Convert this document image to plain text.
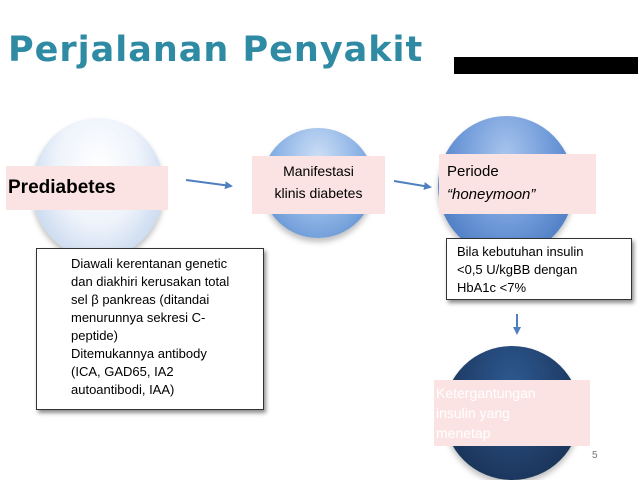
Perjalanan Penyakit
Prediabetes
Manifestasi
klinis diabetes
Periode
“honeymoon”
Ketergantungan
insulin yang
menetap
Diawali kerentanan genetic
dan diakhiri kerusakan total
sel β pankreas (ditandai
menurunnya sekresi C-
peptide)
Ditemukannya antibody
(ICA, GAD65, IA2
autoantibodi, IAA)
Bila kebutuhan insulin
<0,5 U/kgBB dengan
HbA1c <7%
5
